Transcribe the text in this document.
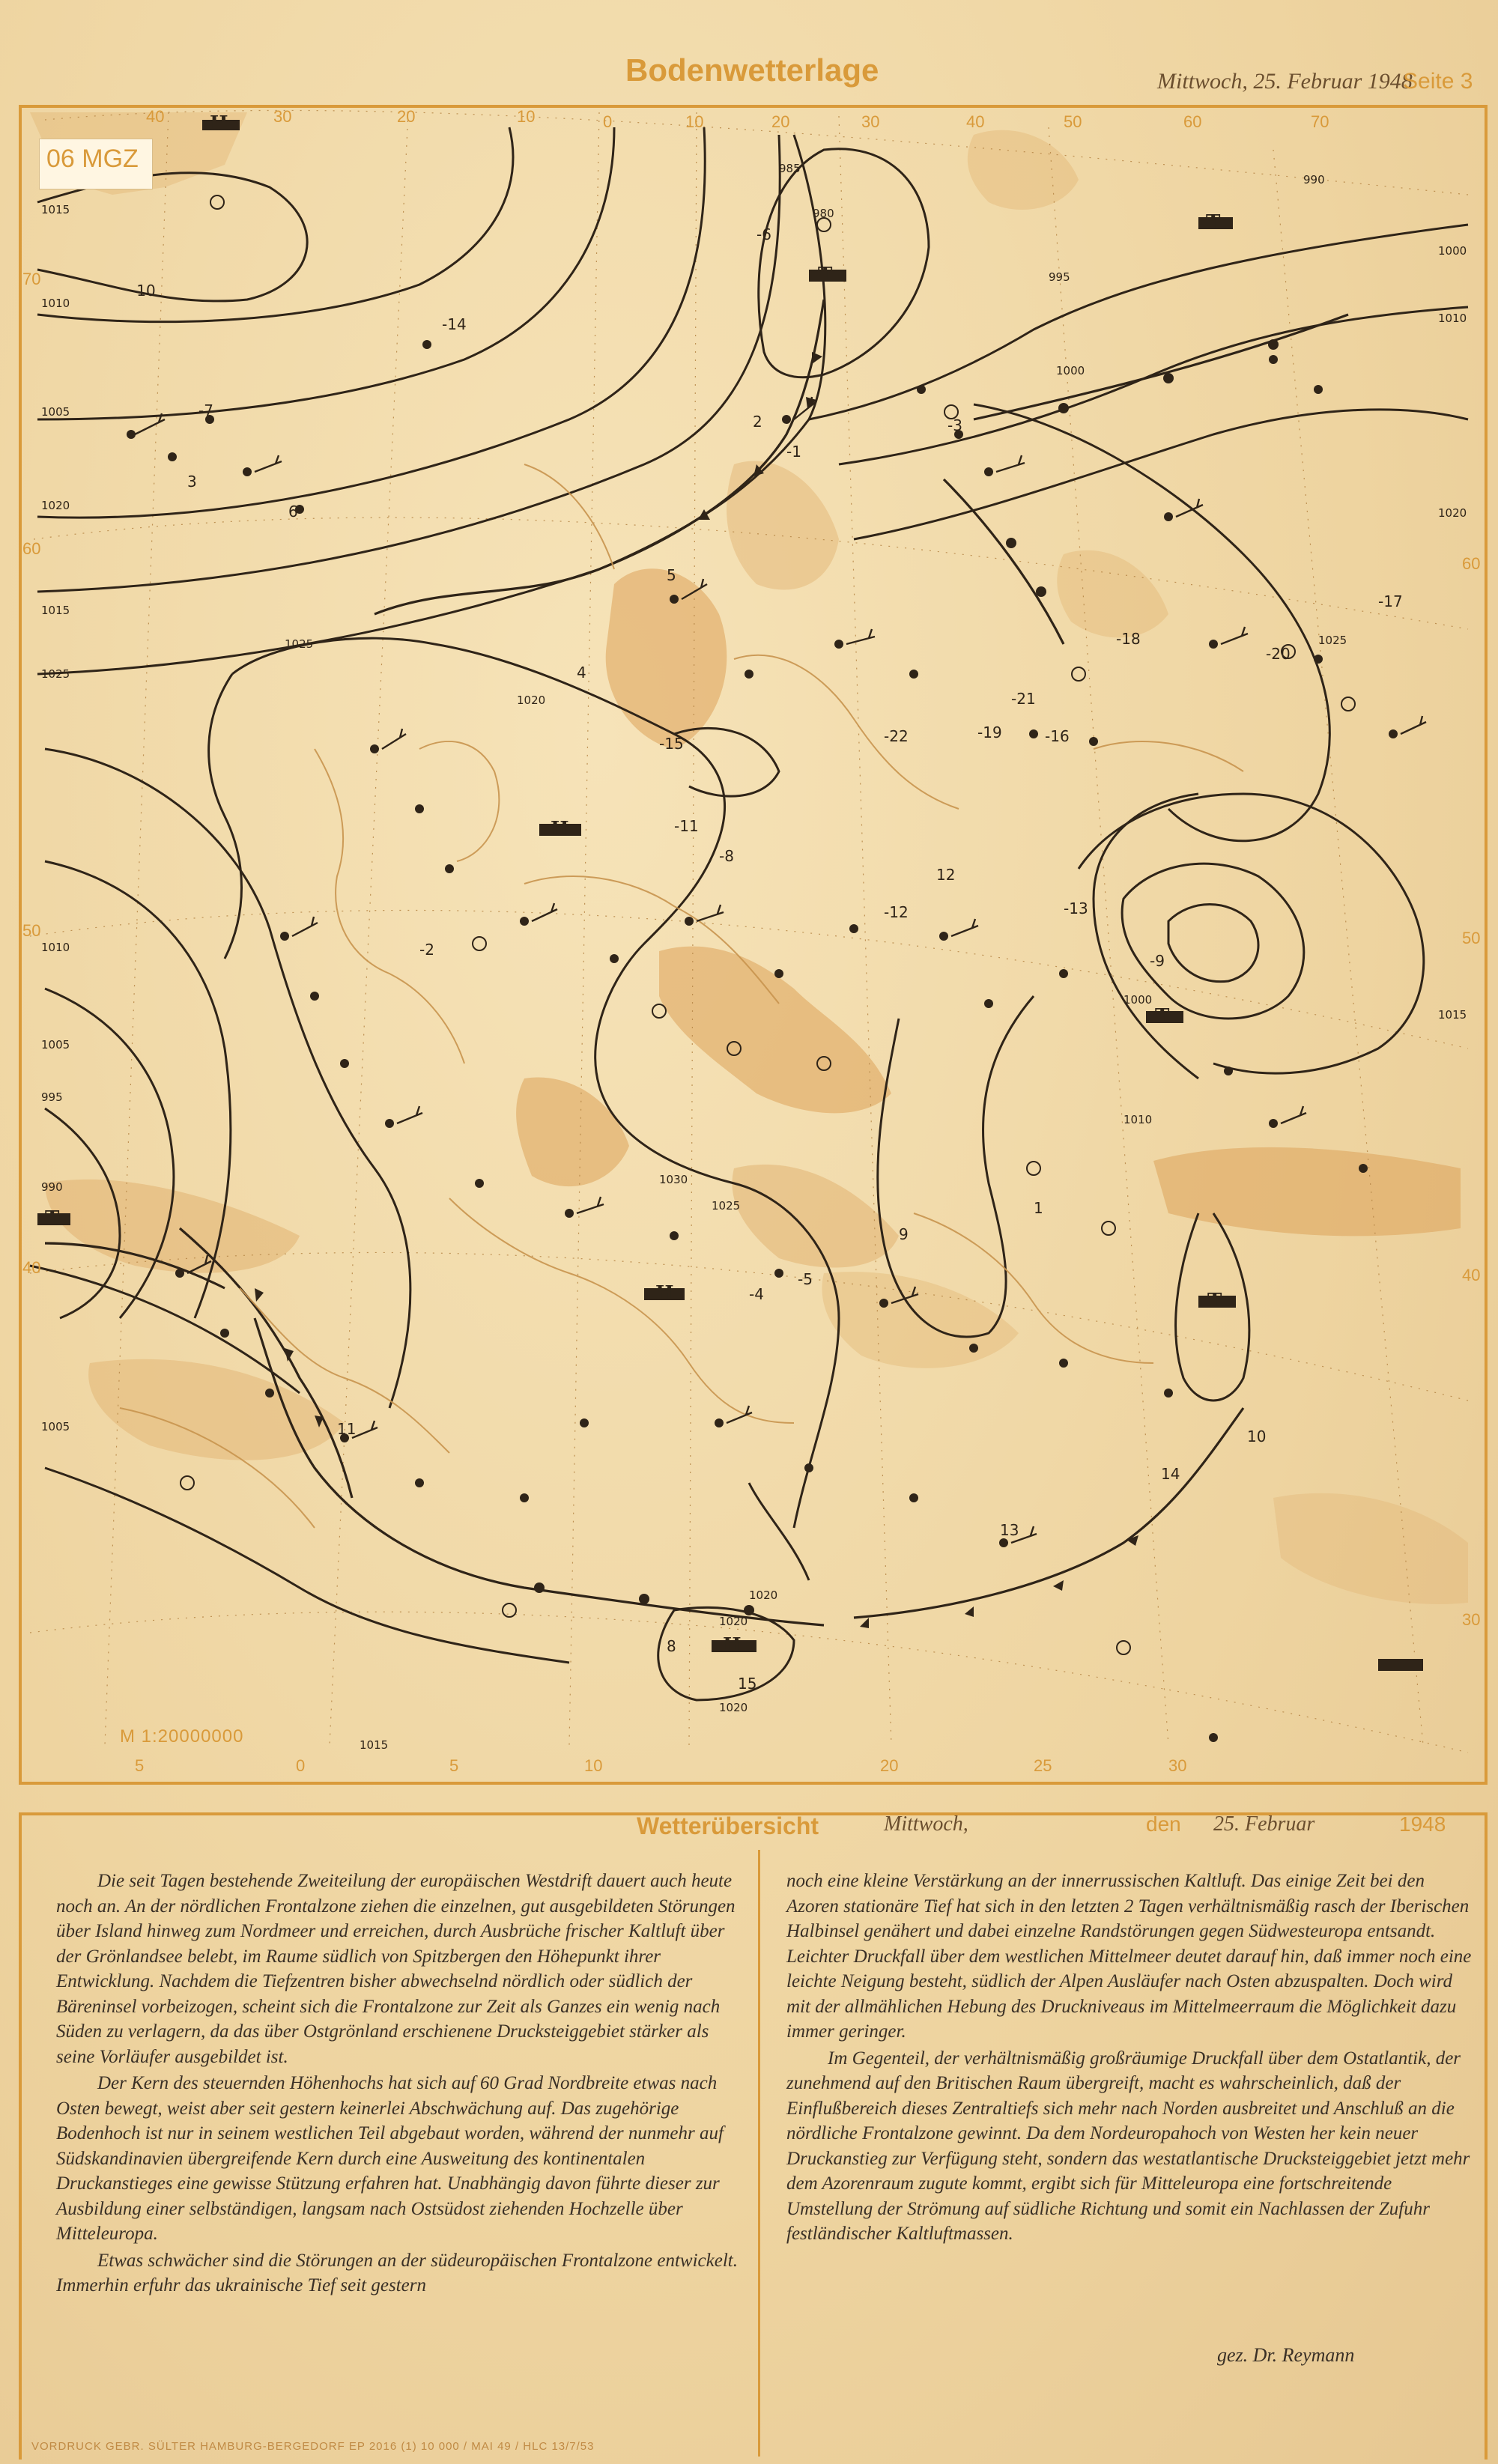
Bodenwetterlage	Mittwoch, 25. Februar 1948
Seite 3
1015
1010
1005
1020
1015
1025
985
980
995
1000
990
1000
1010
1020
1025
1025
1020
1010
1005
995
990
1005
1000
1010
1015
1025
1030
1020
1020
1020
1015
-6
-14
-10
-7
-3
3
6
4
-15
-11
-8
-21
-19	-16
-22
-18
-20
-12	-13
-17
12
15
13
8
14
10
-5
-4
-9
-2
2
-1
5
9
11
1
H
T
T
H
T
H	T
T
H
40	30	20	10	0	10	20	30	40	50	60	70
60
70
50
40
60
50
40
30
5	0	5	10	20	25	30
06 MGZ
M 1:20000000
Wetterübersicht	Mittwoch,	den 25. Februar	1948

Die seit Tagen bestehende Zweiteilung der europäischen Westdrift dauert auch heute noch an. An der nördlichen Frontalzone ziehen die einzelnen, gut ausgebildeten Störungen über Island hinweg zum Nordmeer und erreichen, durch Ausbrüche frischer Kaltluft über der Grönlandsee belebt, im Raume südlich von Spitzbergen den Höhepunkt ihrer Entwicklung. Nachdem die Tiefzentren bisher abwechselnd nördlich oder südlich der Bäreninsel vorbeizogen, scheint sich die Frontalzone zur Zeit als Ganzes ein wenig nach Süden zu verlagern, da das über Ostgrönland erschienene Drucksteiggebiet stärker als seine Vorläufer ausgebildet ist.

Der Kern des steuernden Höhenhochs hat sich auf 60 Grad Nordbreite etwas nach Osten bewegt, weist aber seit gestern keinerlei Abschwächung auf. Das zugehörige Bodenhoch ist nur in seinem westlichen Teil abgebaut worden, während der nunmehr auf Südskandinavien übergreifende Kern durch eine Ausweitung des kontinentalen Druckanstieges eine gewisse Stützung erfahren hat. Unabhängig davon führte dieser zur Ausbildung einer selbständigen, langsam nach Ostsüdost ziehenden Hochzelle über Mitteleuropa.

Etwas schwächer sind die Störungen an der südeuropäischen Frontalzone entwickelt. Immerhin erfuhr das ukrainische Tief seit gestern

noch eine kleine Verstärkung an der innerrussischen Kaltluft. Das einige Zeit bei den Azoren stationäre Tief hat sich in den letzten 2 Tagen verhältnismäßig rasch der Iberischen Halbinsel genähert und dabei einzelne Randstörungen gegen Südwesteuropa entsandt. Leichter Druckfall über dem westlichen Mittelmeer deutet darauf hin, daß immer noch eine leichte Neigung besteht, südlich der Alpen Ausläufer nach Osten abzuspalten. Doch wird mit der allmählichen Hebung des Druckniveaus im Mittelmeerraum die Möglichkeit dazu immer geringer.

Im Gegenteil, der verhältnismäßig großräumige Druckfall über dem Ostatlantik, der zunehmend auf den Britischen Raum übergreift, macht es wahrscheinlich, daß der Einflußbereich dieses Zentraltiefs sich mehr nach Norden ausbreitet und Anschluß an die nördliche Frontalzone gewinnt. Da dem Nordeuropahoch von Westen her kein neuer Druckanstieg zur Verfügung steht, sondern das westatlantische Drucksteiggebiet jetzt mehr dem Azorenraum zugute kommt, ergibt sich für Mitteleuropa eine fortschreitende Umstellung der Strömung auf südliche Richtung und somit ein Nachlassen der Zufuhr festländischer Kaltluftmassen.

gez. Dr. Reymann
VORDRUCK GEBR. SÜLTER HAMBURG-BERGEDORF EP 2016 (1) 10 000 / MAI 49 / HLC 13/7/53
